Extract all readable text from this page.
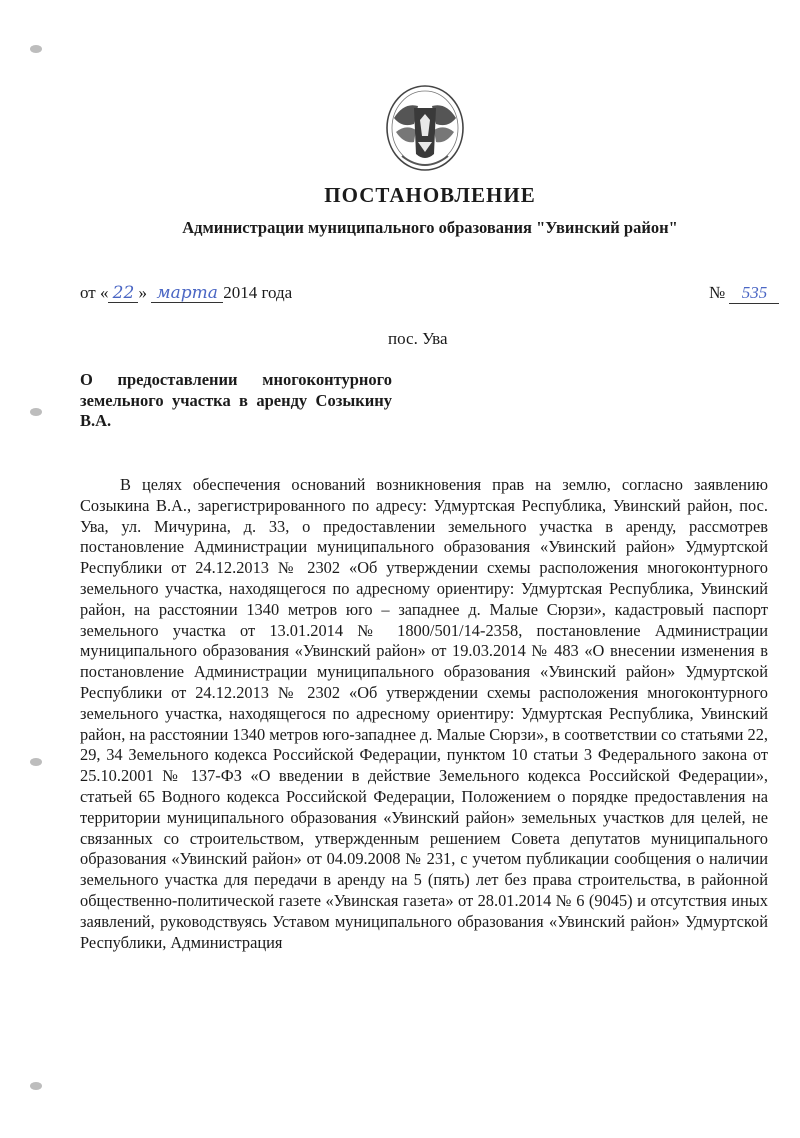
ПОСТАНОВЛЕНИЕ
Администрации муниципального образования "Увинский район"
от « 22 » марта 2014 года	№ 535
пос. Ува
О предоставлении многоконтурного земельного участка в аренду Созыкину В.А.

В целях обеспечения оснований возникновения прав на землю, согласно заявлению Созыкина В.А., зарегистрированного по адресу: Удмуртская Республика, Увинский район, пос. Ува, ул. Мичурина, д. 33, о предоставлении земельного участка в аренду, рассмотрев постановление Администрации муниципального образования «Увинский район» Удмуртской Республики от 24.12.2013 № 2302 «Об утверждении схемы расположения многоконтурного земельного участка, находящегося по адресному ориентиру: Удмуртская Республика, Увинский район, на расстоянии 1340 метров юго – западнее д. Малые Сюрзи», кадастровый паспорт земельного участка от 13.01.2014 № 1800/501/14-2358, постановление Администрации муниципального образования «Увинский район» от 19.03.2014 № 483 «О внесении изменения в постановление Администрации муниципального образования «Увинский район» Удмуртской Республики от 24.12.2013 № 2302 «Об утверждении схемы расположения многоконтурного земельного участка, находящегося по адресному ориентиру: Удмуртская Республика, Увинский район, на расстоянии 1340 метров юго-западнее д. Малые Сюрзи», в соответствии со статьями 22, 29, 34 Земельного кодекса Российской Федерации, пунктом 10 статьи 3 Федерального закона от 25.10.2001 № 137-ФЗ «О введении в действие Земельного кодекса Российской Федерации», статьей 65 Водного кодекса Российской Федерации, Положением о порядке предоставления на территории муниципального образования «Увинский район» земельных участков для целей, не связанных со строительством, утвержденным решением Совета депутатов муниципального образования «Увинский район» от 04.09.2008 № 231, с учетом публикации сообщения о наличии земельного участка для передачи в аренду на 5 (пять) лет без права строительства, в районной общественно-политической газете «Увинская газета» от 28.01.2014 № 6 (9045) и отсутствия иных заявлений, руководствуясь Уставом муниципального образования «Увинский район» Удмуртской Республики, Администрация
